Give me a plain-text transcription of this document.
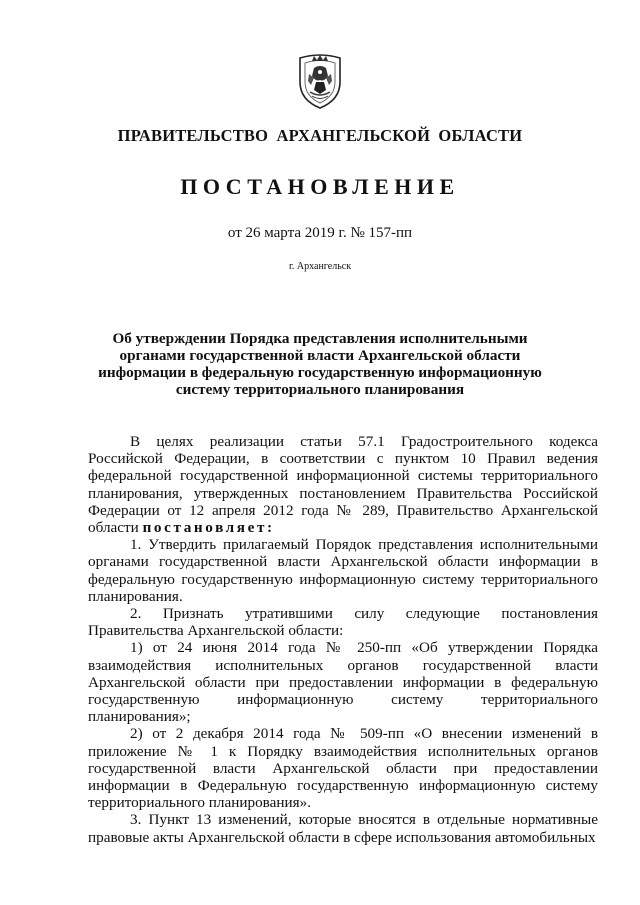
ПРАВИТЕЛЬСТВО АРХАНГЕЛЬСКОЙ ОБЛАСТИ
ПОСТАНОВЛЕНИЕ
от 26 марта 2019 г. № 157-пп
г. Архангельск
Об утверждении Порядка представления исполнительными органами государственной власти Архангельской области информации в федеральную государственную информационную систему территориального планирования

В целях реализации статьи 57.1 Градостроительного кодекса Российской Федерации, в соответствии с пунктом 10 Правил ведения федеральной государственной информационной системы территориального планирования, утвержденных постановлением Правительства Российской Федерации от 12 апреля 2012 года № 289, Правительство Архангельской области постановляет:

1. Утвердить прилагаемый Порядок представления исполнительными органами государственной власти Архангельской области информации в федеральную государственную информационную систему территориального планирования.

2. Признать утратившими силу следующие постановления Правительства Архангельской области:

1) от 24 июня 2014 года № 250-пп «Об утверждении Порядка взаимодействия исполнительных органов государственной власти Архангельской области при предоставлении информации в федеральную государственную информационную систему территориального планирования»;

2) от 2 декабря 2014 года № 509-пп «О внесении изменений в приложение № 1 к Порядку взаимодействия исполнительных органов государственной власти Архангельской области при предоставлении информации в Федеральную государственную информационную систему территориального планирования».

3. Пункт 13 изменений, которые вносятся в отдельные нормативные правовые акты Архангельской области в сфере использования автомобильных
